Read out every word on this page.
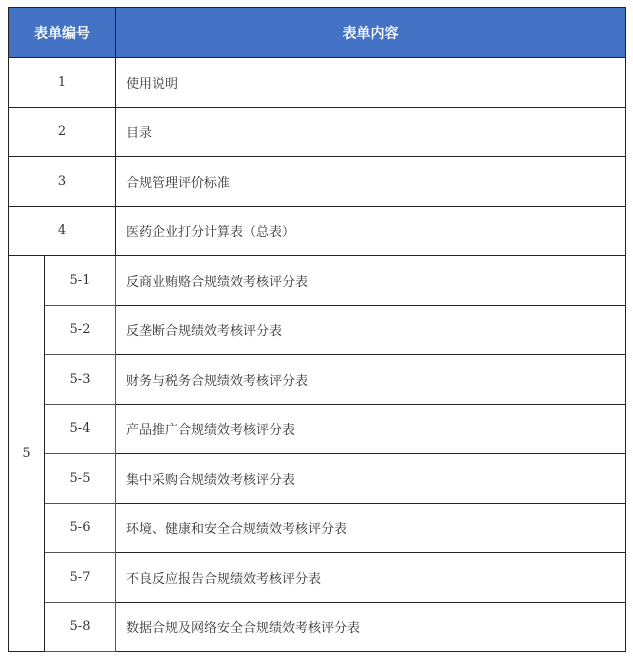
表单编号		表单内容
1		使用说明
2		目录
3		合规管理评价标准
4		医药企业打分计算表（总表）
5	5-1	反商业贿赂合规绩效考核评分表
	5-2	反垄断合规绩效考核评分表
	5-3	财务与税务合规绩效考核评分表
	5-4	产品推广合规绩效考核评分表
	5-5	集中采购合规绩效考核评分表
	5-6	环境、健康和安全合规绩效考核评分表
	5-7	不良反应报告合规绩效考核评分表
	5-8	数据合规及网络安全合规绩效考核评分表
